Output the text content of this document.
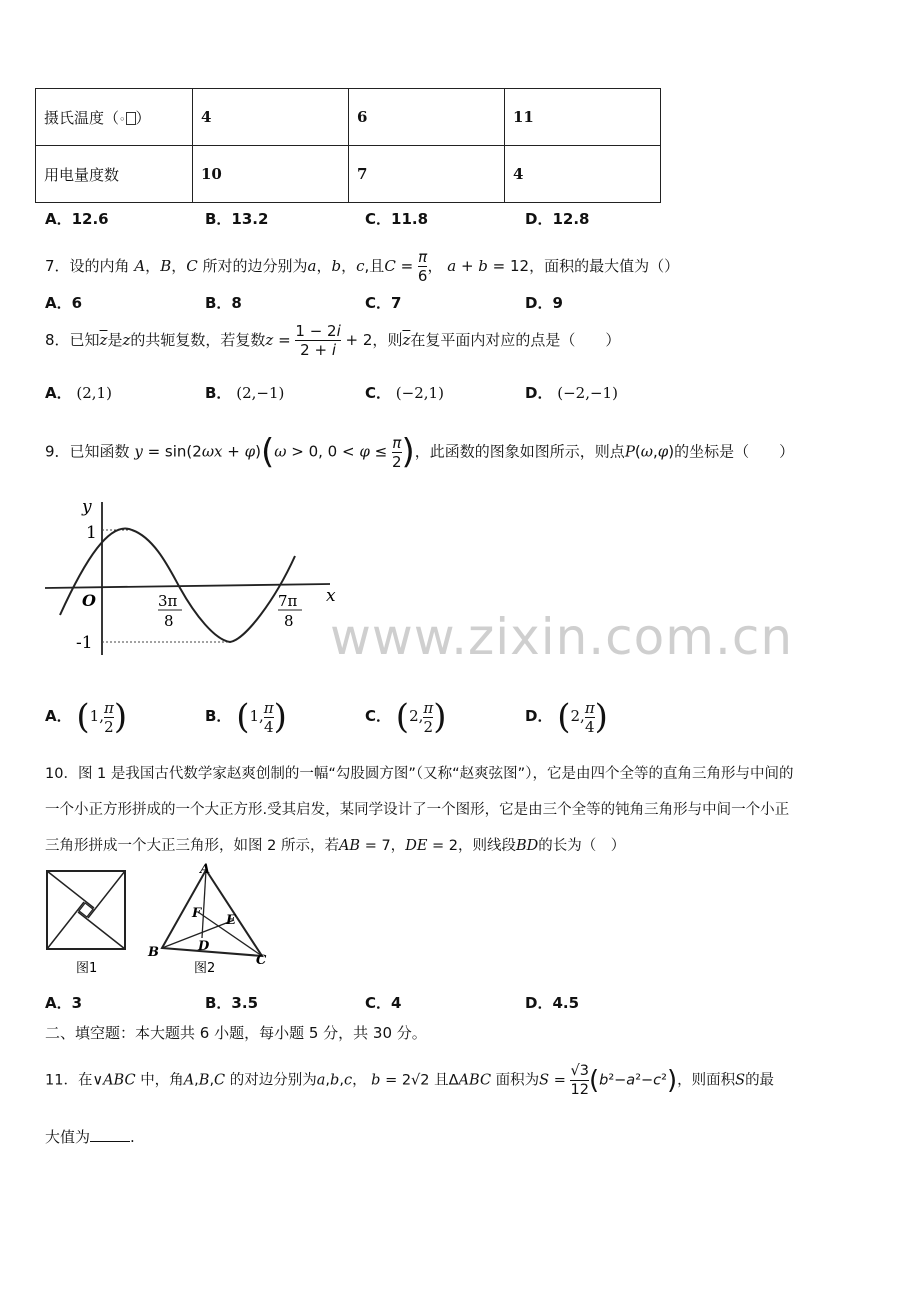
摄氏温度（◦ ）	4	6	11
用电量度数	10	7	4
A．12.6	B．13.2	C．11.8	D．12.8
7．设的内角 A，B，C 所对的边分别为a，b，c,且$C = \frac{\pi}{6}$ ， a + b = 12，面积的最大值为（）
A．6	B．8	C．7	D．9
8．已知$\overline{z}$是z的共轭复数，若复数$z = \frac{1 - 2i}{2 + i} + 2$，则$\overline{z}$在复平面内对应的点是（　　）
A． (2,1)	B． (2,−1)	C． (−2,1)	D． (−2,−1)
9．已知函数 y = sin(2ωx + φ)(ω > 0, $0 < \varphi \le \frac{\pi}{2}$ )，此函数的图象如图所示，则点P(ω,φ)的坐标是（　　）
y
x
O
1
-1
3π
8
7π
8 www.zixin.com.cn
A． (1, $\frac{\pi}{2}$ )	B． (1, $\frac{\pi}{4}$ )	C． (2, $\frac{\pi}{2}$ )	D． (2, $\frac{\pi}{4}$ )
10．图 1 是我国古代数学家赵爽创制的一幅“勾股圆方图”（又称“赵爽弦图”），它是由四个全等的直角三角形与中间的
一个小正方形拼成的一个大正方形.受其启发，某同学设计了一个图形，它是由三个全等的钝角三角形与中间一个小正
三角形拼成一个大正三角形，如图 2 所示，若AB = 7，DE = 2，则线段BD的长为（　）
图1
A
B
C
D
E
F
图2
A．3	B．3.5	C．4	D．4.5
二、填空题：本大题共 6 小题，每小题 5 分，共 30 分。
11．在∨ABC 中，角A,B,C 的对边分别为a,b,c， b = 2√2 且ΔABC 面积为$S = \frac{√3}{12} (b^2-a^2-c^2)$，则面积S的最
大值为	.
